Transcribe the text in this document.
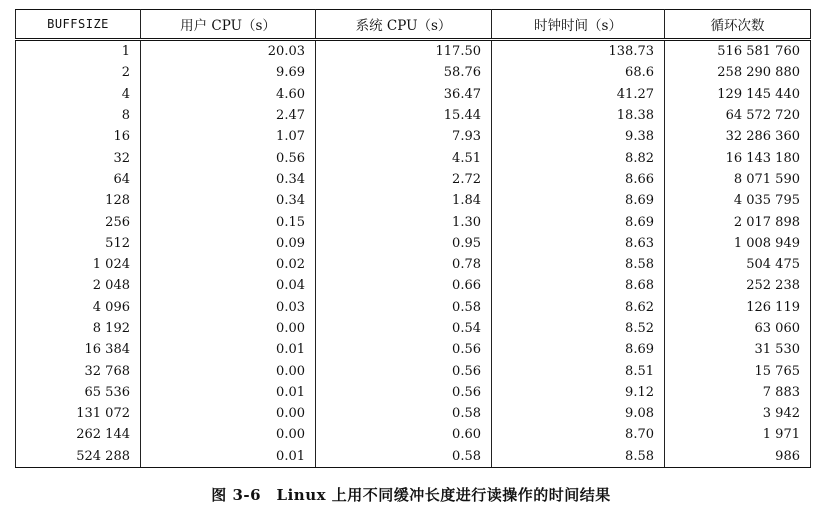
BUFFSIZE	用户 CPU（s）	系统 CPU（s）	时钟时间（s）	循环次数
1	20.03	117.50	138.73	516 581 760
2	9.69	58.76	68.6	258 290 880
4	4.60	36.47	41.27	129 145 440
8	2.47	15.44	18.38	64 572 720
16	1.07	7.93	9.38	32 286 360
32	0.56	4.51	8.82	16 143 180
64	0.34	2.72	8.66	8 071 590
128	0.34	1.84	8.69	4 035 795
256	0.15	1.30	8.69	2 017 898
512	0.09	0.95	8.63	1 008 949
1 024	0.02	0.78	8.58	504 475
2 048	0.04	0.66	8.68	252 238
4 096	0.03	0.58	8.62	126 119
8 192	0.00	0.54	8.52	63 060
16 384	0.01	0.56	8.69	31 530
32 768	0.00	0.56	8.51	15 765
65 536	0.01	0.56	9.12	7 883
131 072	0.00	0.58	9.08	3 942
262 144	0.00	0.60	8.70	1 971
524 288	0.01	0.58	8.58	986
图 3-6　Linux 上用不同缓冲长度进行读操作的时间结果
